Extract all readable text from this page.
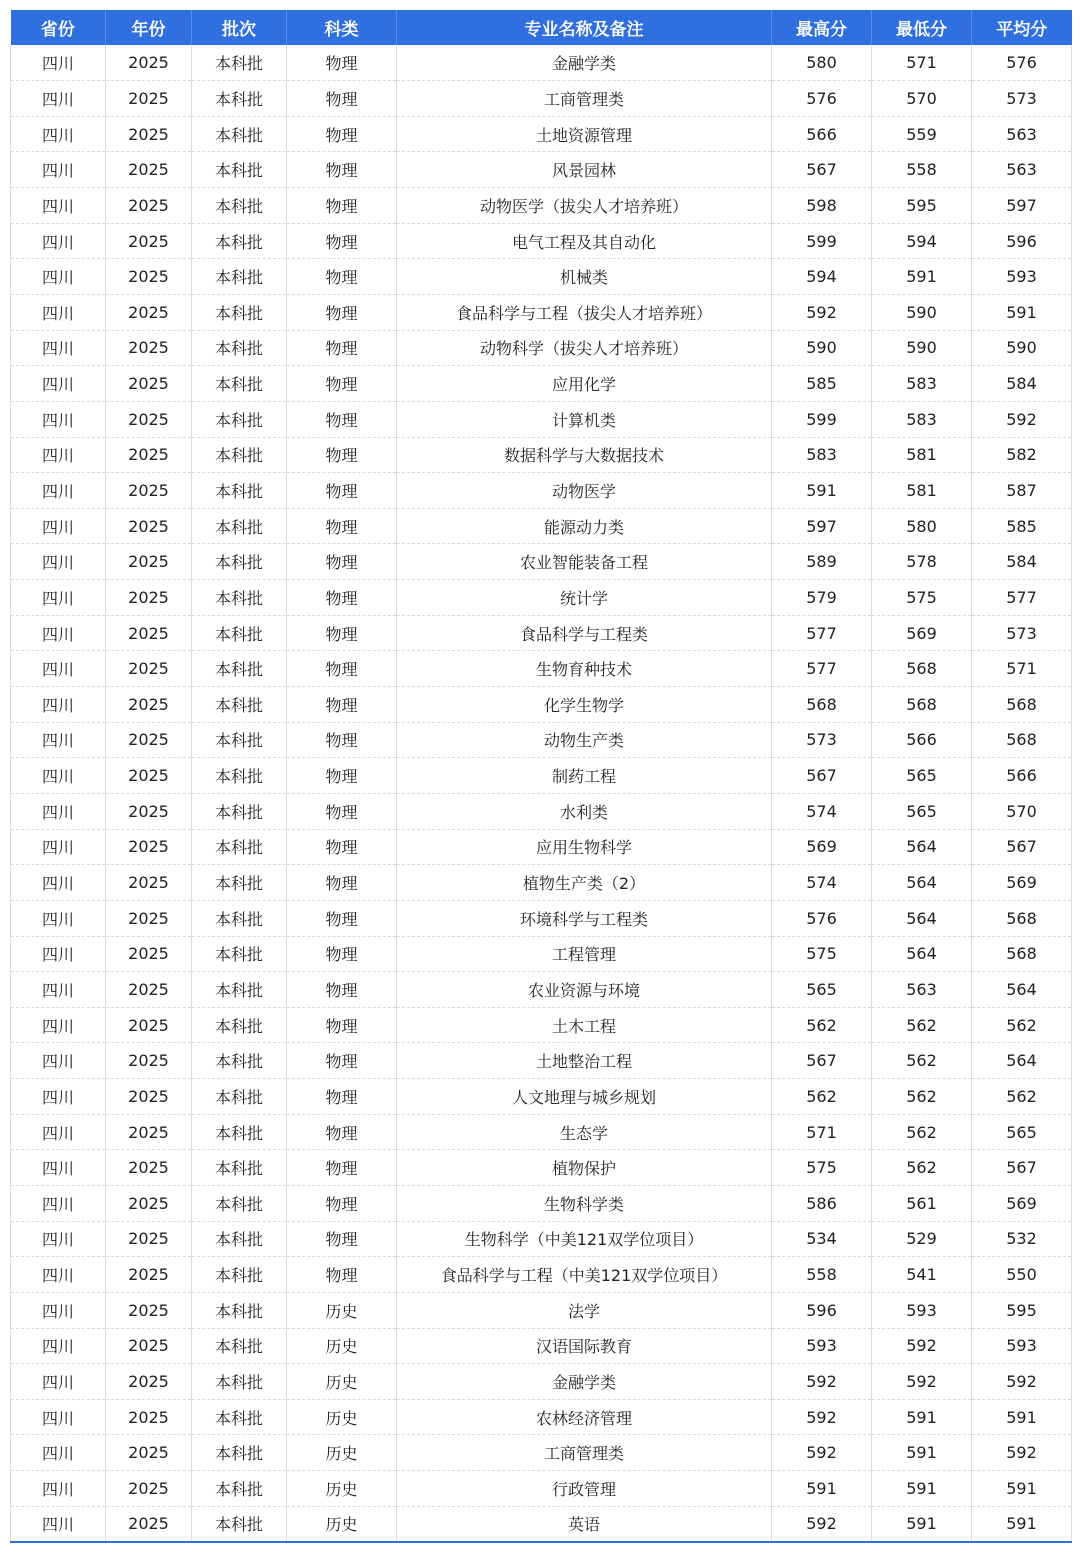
省份	年份	批次	科类	专业名称及备注	最高分	最低分	平均分
四川	2025	本科批	物理	金融学类	580	571	576
四川	2025	本科批	物理	工商管理类	576	570	573
四川	2025	本科批	物理	土地资源管理	566	559	563
四川	2025	本科批	物理	风景园林	567	558	563
四川	2025	本科批	物理	动物医学（拔尖人才培养班）	598	595	597
四川	2025	本科批	物理	电气工程及其自动化	599	594	596
四川	2025	本科批	物理	机械类	594	591	593
四川	2025	本科批	物理	食品科学与工程（拔尖人才培养班）	592	590	591
四川	2025	本科批	物理	动物科学（拔尖人才培养班）	590	590	590
四川	2025	本科批	物理	应用化学	585	583	584
四川	2025	本科批	物理	计算机类	599	583	592
四川	2025	本科批	物理	数据科学与大数据技术	583	581	582
四川	2025	本科批	物理	动物医学	591	581	587
四川	2025	本科批	物理	能源动力类	597	580	585
四川	2025	本科批	物理	农业智能装备工程	589	578	584
四川	2025	本科批	物理	统计学	579	575	577
四川	2025	本科批	物理	食品科学与工程类	577	569	573
四川	2025	本科批	物理	生物育种技术	577	568	571
四川	2025	本科批	物理	化学生物学	568	568	568
四川	2025	本科批	物理	动物生产类	573	566	568
四川	2025	本科批	物理	制药工程	567	565	566
四川	2025	本科批	物理	水利类	574	565	570
四川	2025	本科批	物理	应用生物科学	569	564	567
四川	2025	本科批	物理	植物生产类（2）	574	564	569
四川	2025	本科批	物理	环境科学与工程类	576	564	568
四川	2025	本科批	物理	工程管理	575	564	568
四川	2025	本科批	物理	农业资源与环境	565	563	564
四川	2025	本科批	物理	土木工程	562	562	562
四川	2025	本科批	物理	土地整治工程	567	562	564
四川	2025	本科批	物理	人文地理与城乡规划	562	562	562
四川	2025	本科批	物理	生态学	571	562	565
四川	2025	本科批	物理	植物保护	575	562	567
四川	2025	本科批	物理	生物科学类	586	561	569
四川	2025	本科批	物理	生物科学（中美121双学位项目）	534	529	532
四川	2025	本科批	物理	食品科学与工程（中美121双学位项目）	558	541	550
四川	2025	本科批	历史	法学	596	593	595
四川	2025	本科批	历史	汉语国际教育	593	592	593
四川	2025	本科批	历史	金融学类	592	592	592
四川	2025	本科批	历史	农林经济管理	592	591	591
四川	2025	本科批	历史	工商管理类	592	591	592
四川	2025	本科批	历史	行政管理	591	591	591
四川	2025	本科批	历史	英语	592	591	591
